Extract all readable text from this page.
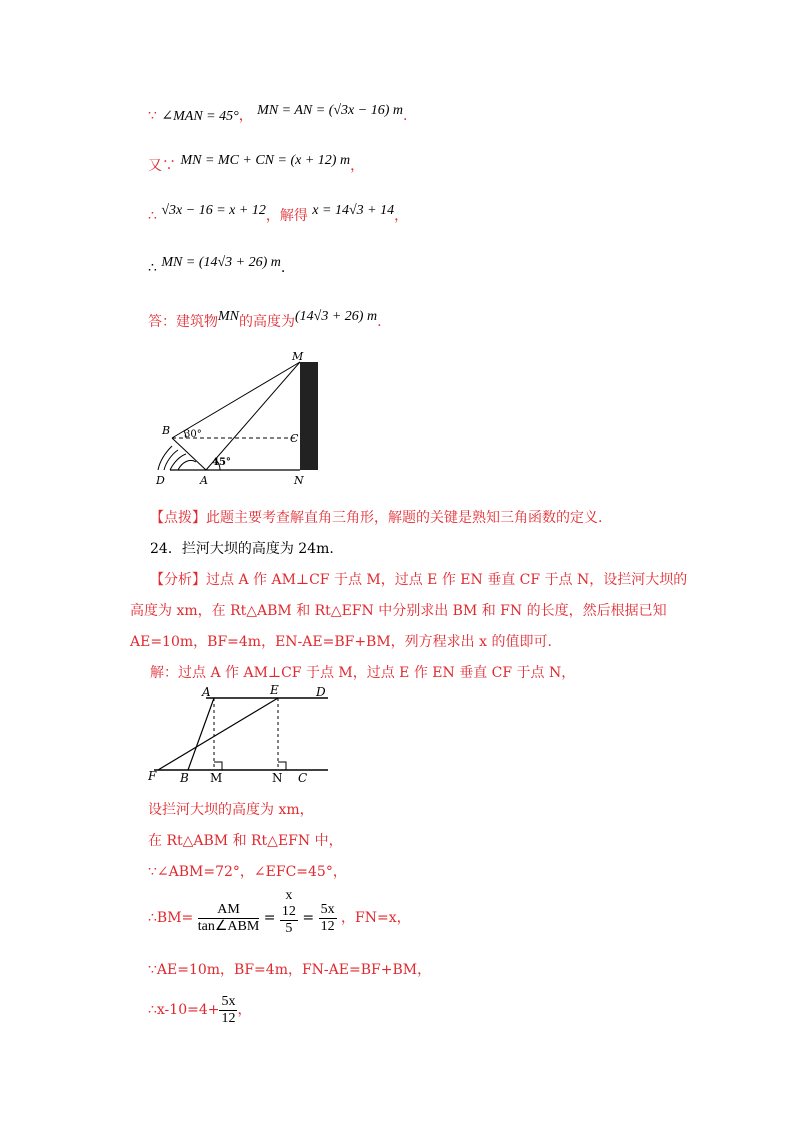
∵ ∠MAN = 45°， MN = AN = (√3x − 16) m.
又∵ MN = MC + CN = (x + 12) m，
∴ √3x − 16 = x + 12，解得 x = 14√3 + 14，
∴ MN = (14√3 + 26) m.
答：建筑物MN的高度为(14√3 + 26) m.
M
B
C
D	A	N
30°
45°
【点拨】此题主要考查解直角三角形，解题的关键是熟知三角函数的定义.
24．拦河大坝的高度为 24m.
【分析】过点 A 作 AM⊥CF 于点 M，过点 E 作 EN 垂直 CF 于点 N，设拦河大坝的高度为 xm，在 Rt△ABM 和 Rt△EFN 中分别求出 BM 和 FN 的长度，然后根据已知 AE=10m，BF=4m，EN-AE=BF+BM，列方程求出 x 的值即可.
解：过点 A 作 AM⊥CF 于点 M，过点 E 作 EN 垂直 CF 于点 N，
A	E	D
F B M	N C
设拦河大坝的高度为 xm，
在 Rt△ABM 和 Rt△EFN 中，
∵∠ABM=72°，∠EFC=45°，
∴BM= $\frac{AM}{\text{tan∠ABM}}$ =
x
12
5
= $\frac{5x}{12}$ ，FN=x，
∵AE=10m，BF=4m，FN-AE=BF+BM，
∴x-10=4+ $\frac{5x}{12}$ ，
